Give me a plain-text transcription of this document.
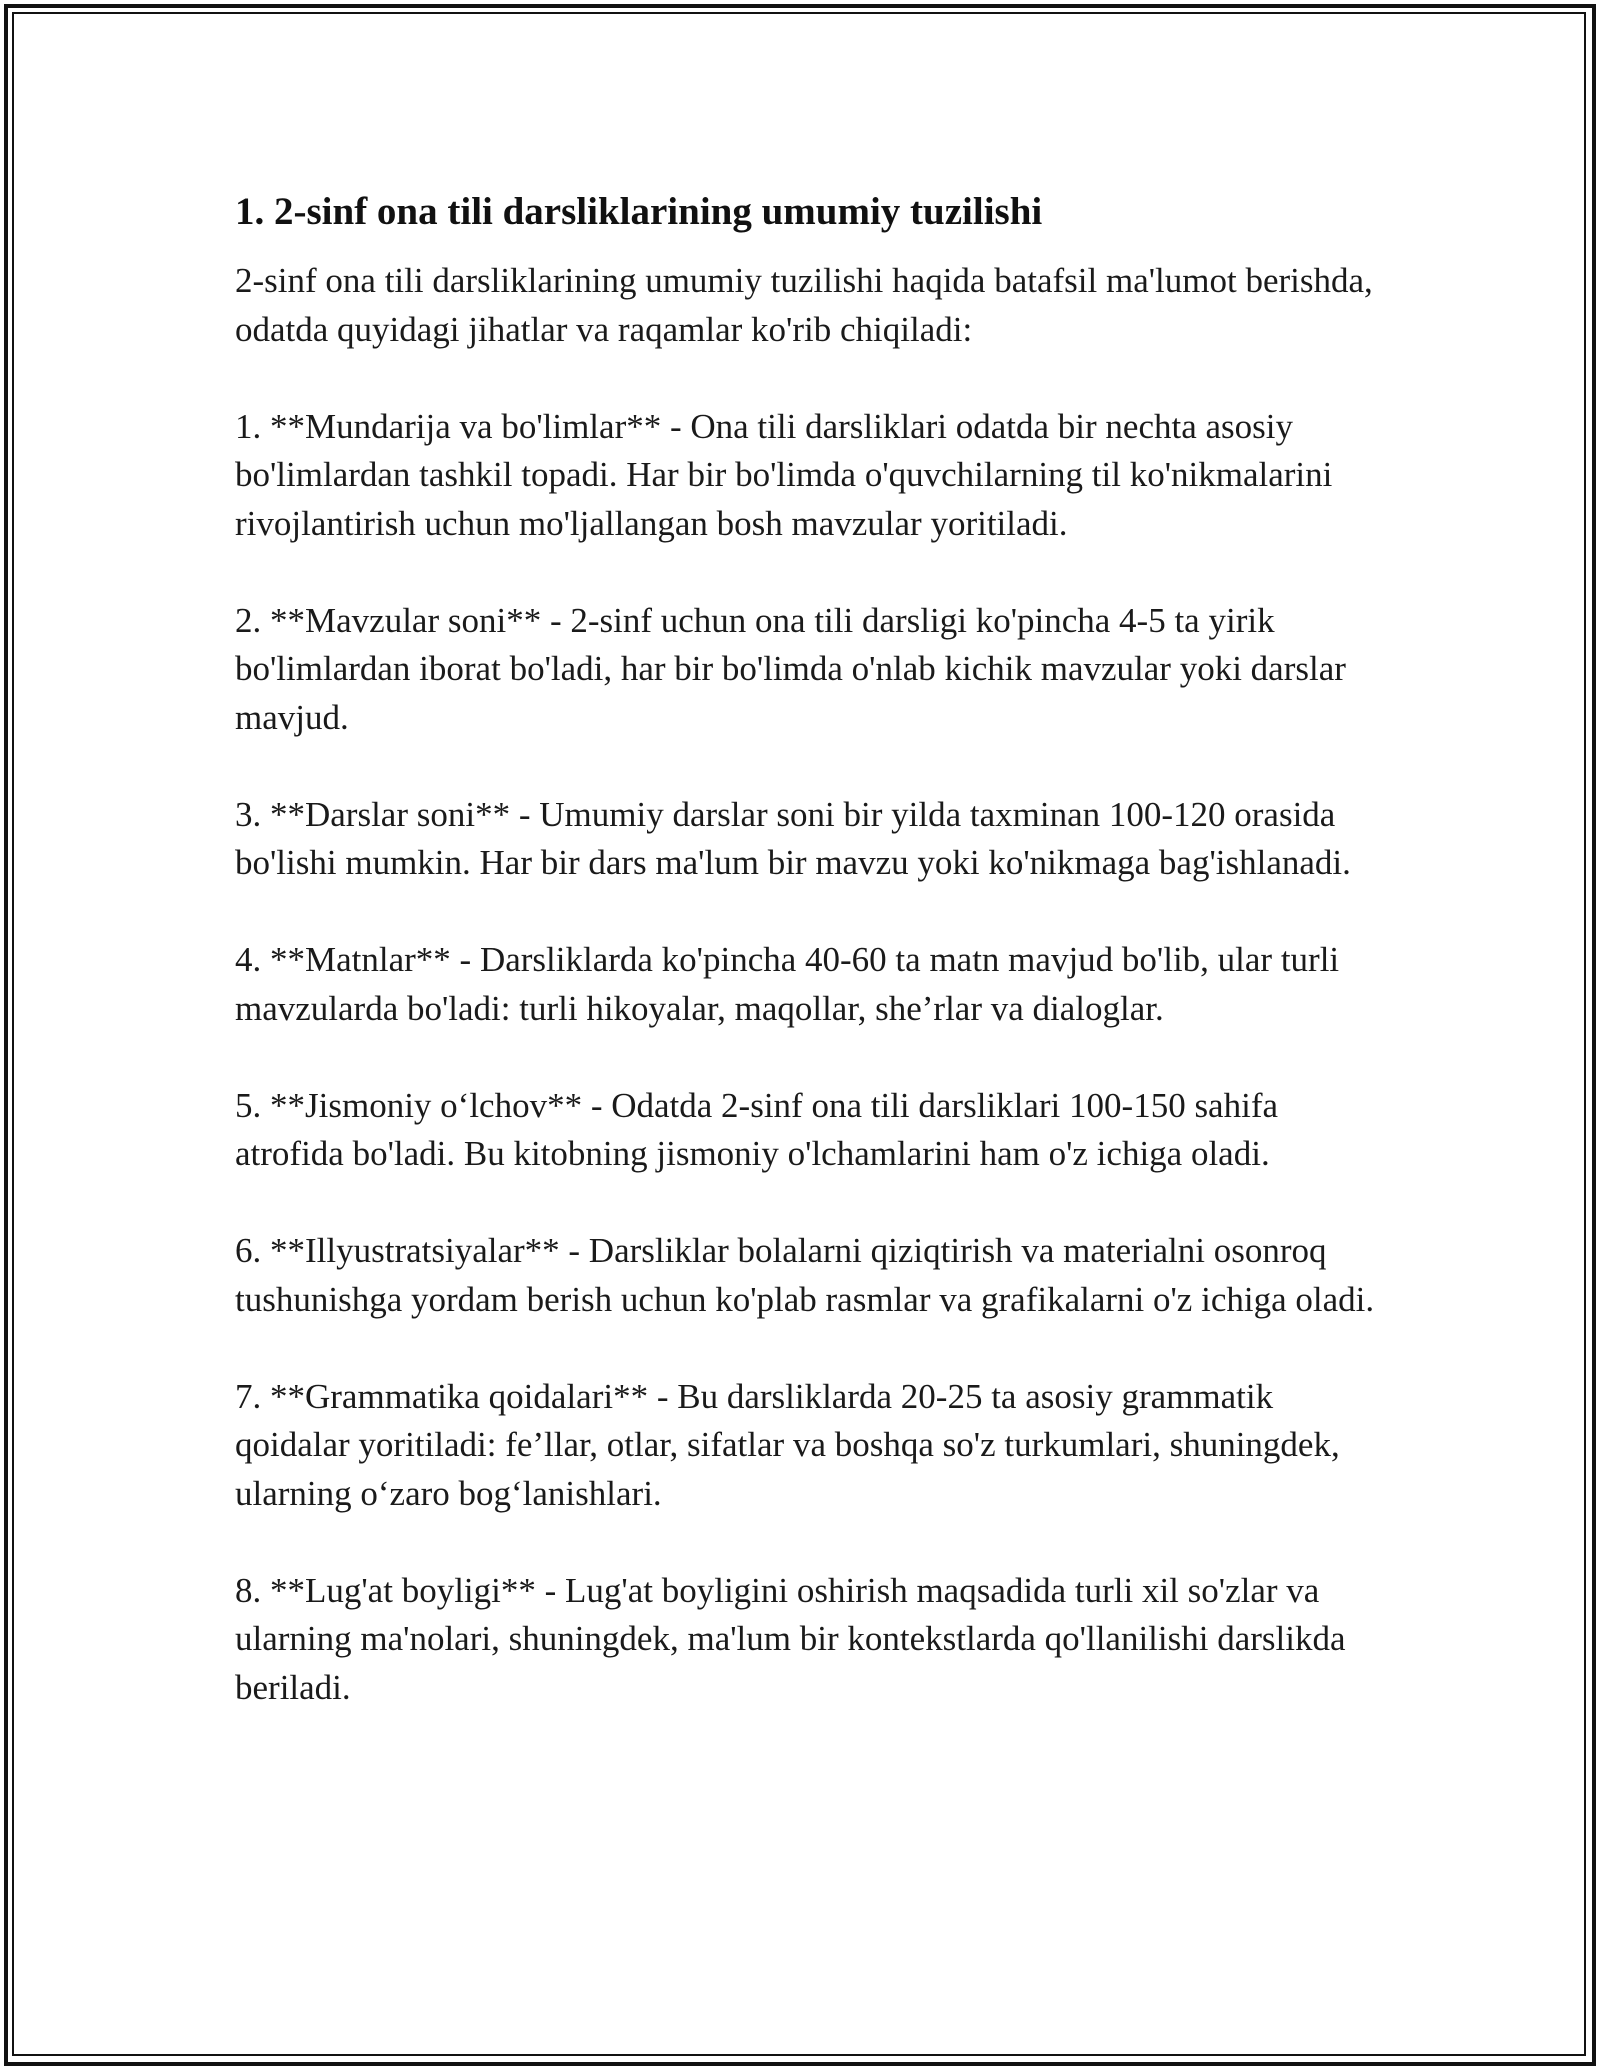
1. 2-sinf ona tili darsliklarining umumiy tuzilishi

2-sinf ona tili darsliklarining umumiy tuzilishi haqida batafsil ma'lumot berishda, odatda quyidagi jihatlar va raqamlar ko'rib chiqiladi:

1. **Mundarija va bo'limlar** - Ona tili darsliklari odatda bir nechta asosiy bo'limlardan tashkil topadi. Har bir bo'limda o'quvchilarning til ko'nikmalarini rivojlantirish uchun mo'ljallangan bosh mavzular yoritiladi.

2. **Mavzular soni** - 2-sinf uchun ona tili darsligi ko'pincha 4-5 ta yirik bo'limlardan iborat bo'ladi, har bir bo'limda o'nlab kichik mavzular yoki darslar mavjud.

3. **Darslar soni** - Umumiy darslar soni bir yilda taxminan 100-120 orasida bo'lishi mumkin. Har bir dars ma'lum bir mavzu yoki ko'nikmaga bag'ishlanadi.

4. **Matnlar** - Darsliklarda ko'pincha 40-60 ta matn mavjud bo'lib, ular turli mavzularda bo'ladi: turli hikoyalar, maqollar, she’rlar va dialoglar.

5. **Jismoniy o‘lchov** - Odatda 2-sinf ona tili darsliklari 100-150 sahifa atrofida bo'ladi. Bu kitobning jismoniy o'lchamlarini ham o'z ichiga oladi.

6. **Illyustratsiyalar** - Darsliklar bolalarni qiziqtirish va materialni osonroq tushunishga yordam berish uchun ko'plab rasmlar va grafikalarni o'z ichiga oladi.

7. **Grammatika qoidalari** - Bu darsliklarda 20-25 ta asosiy grammatik qoidalar yoritiladi: fe’llar, otlar, sifatlar va boshqa so'z turkumlari, shuningdek, ularning o‘zaro bog‘lanishlari.

8. **Lug'at boyligi** - Lug'at boyligini oshirish maqsadida turli xil so'zlar va ularning ma'nolari, shuningdek, ma'lum bir kontekstlarda qo'llanilishi darslikda beriladi.
